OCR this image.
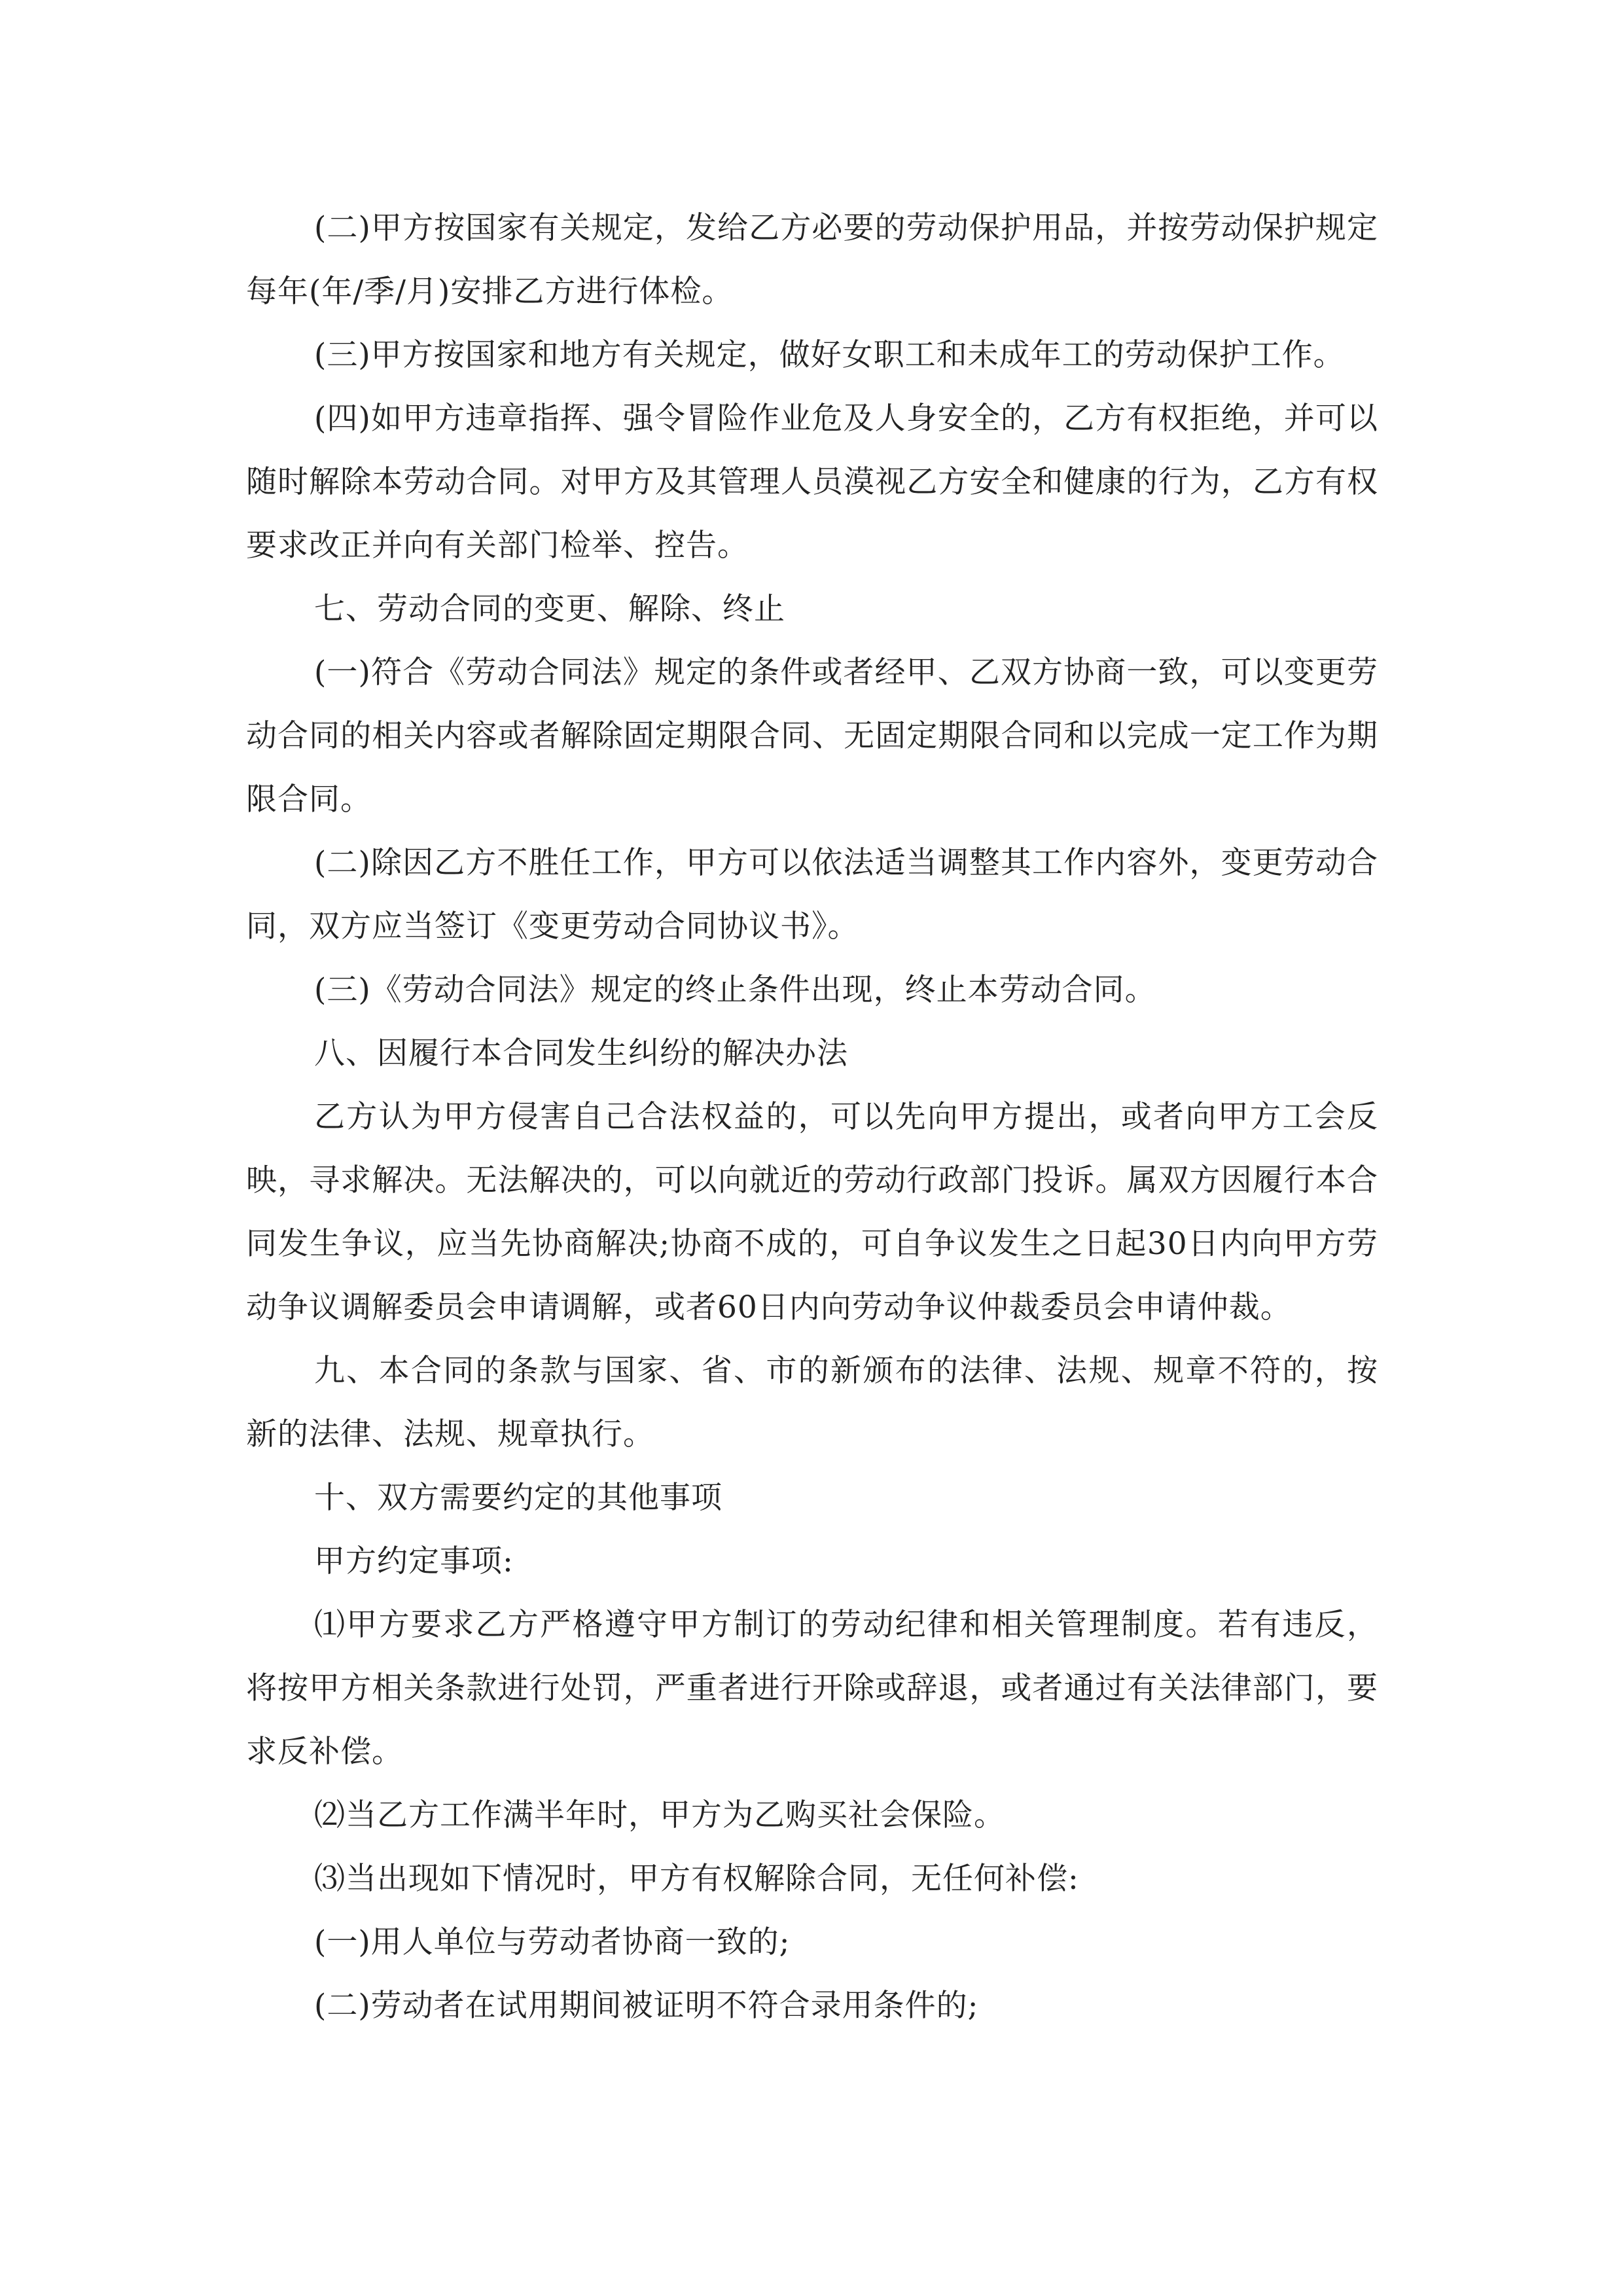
(二)甲方按国家有关规定，发给乙方必要的劳动保护用品，并按劳动保护规定每年(年/季/月)安排乙方进行体检。

(三)甲方按国家和地方有关规定，做好女职工和未成年工的劳动保护工作。

(四)如甲方违章指挥、强令冒险作业危及人身安全的，乙方有权拒绝，并可以随时解除本劳动合同。对甲方及其管理人员漠视乙方安全和健康的行为，乙方有权要求改正并向有关部门检举、控告。

七、劳动合同的变更、解除、终止

(一)符合《劳动合同法》规定的条件或者经甲、乙双方协商一致，可以变更劳动合同的相关内容或者解除固定期限合同、无固定期限合同和以完成一定工作为期限合同。

(二)除因乙方不胜任工作，甲方可以依法适当调整其工作内容外，变更劳动合同，双方应当签订《变更劳动合同协议书》。

(三)《劳动合同法》规定的终止条件出现，终止本劳动合同。

八、因履行本合同发生纠纷的解决办法

乙方认为甲方侵害自己合法权益的，可以先向甲方提出，或者向甲方工会反映，寻求解决。无法解决的，可以向就近的劳动行政部门投诉。属双方因履行本合同发生争议，应当先协商解决;协商不成的，可自争议发生之日起30日内向甲方劳动争议调解委员会申请调解，或者60日内向劳动争议仲裁委员会申请仲裁。

九、本合同的条款与国家、省、市的新颁布的法律、法规、规章不符的，按新的法律、法规、规章执行。

十、双方需要约定的其他事项

甲方约定事项:

⑴甲方要求乙方严格遵守甲方制订的劳动纪律和相关管理制度。若有违反，将按甲方相关条款进行处罚，严重者进行开除或辞退，或者通过有关法律部门，要求反补偿。

⑵当乙方工作满半年时，甲方为乙购买社会保险。

⑶当出现如下情况时，甲方有权解除合同，无任何补偿:

(一)用人单位与劳动者协商一致的;

(二)劳动者在试用期间被证明不符合录用条件的;
